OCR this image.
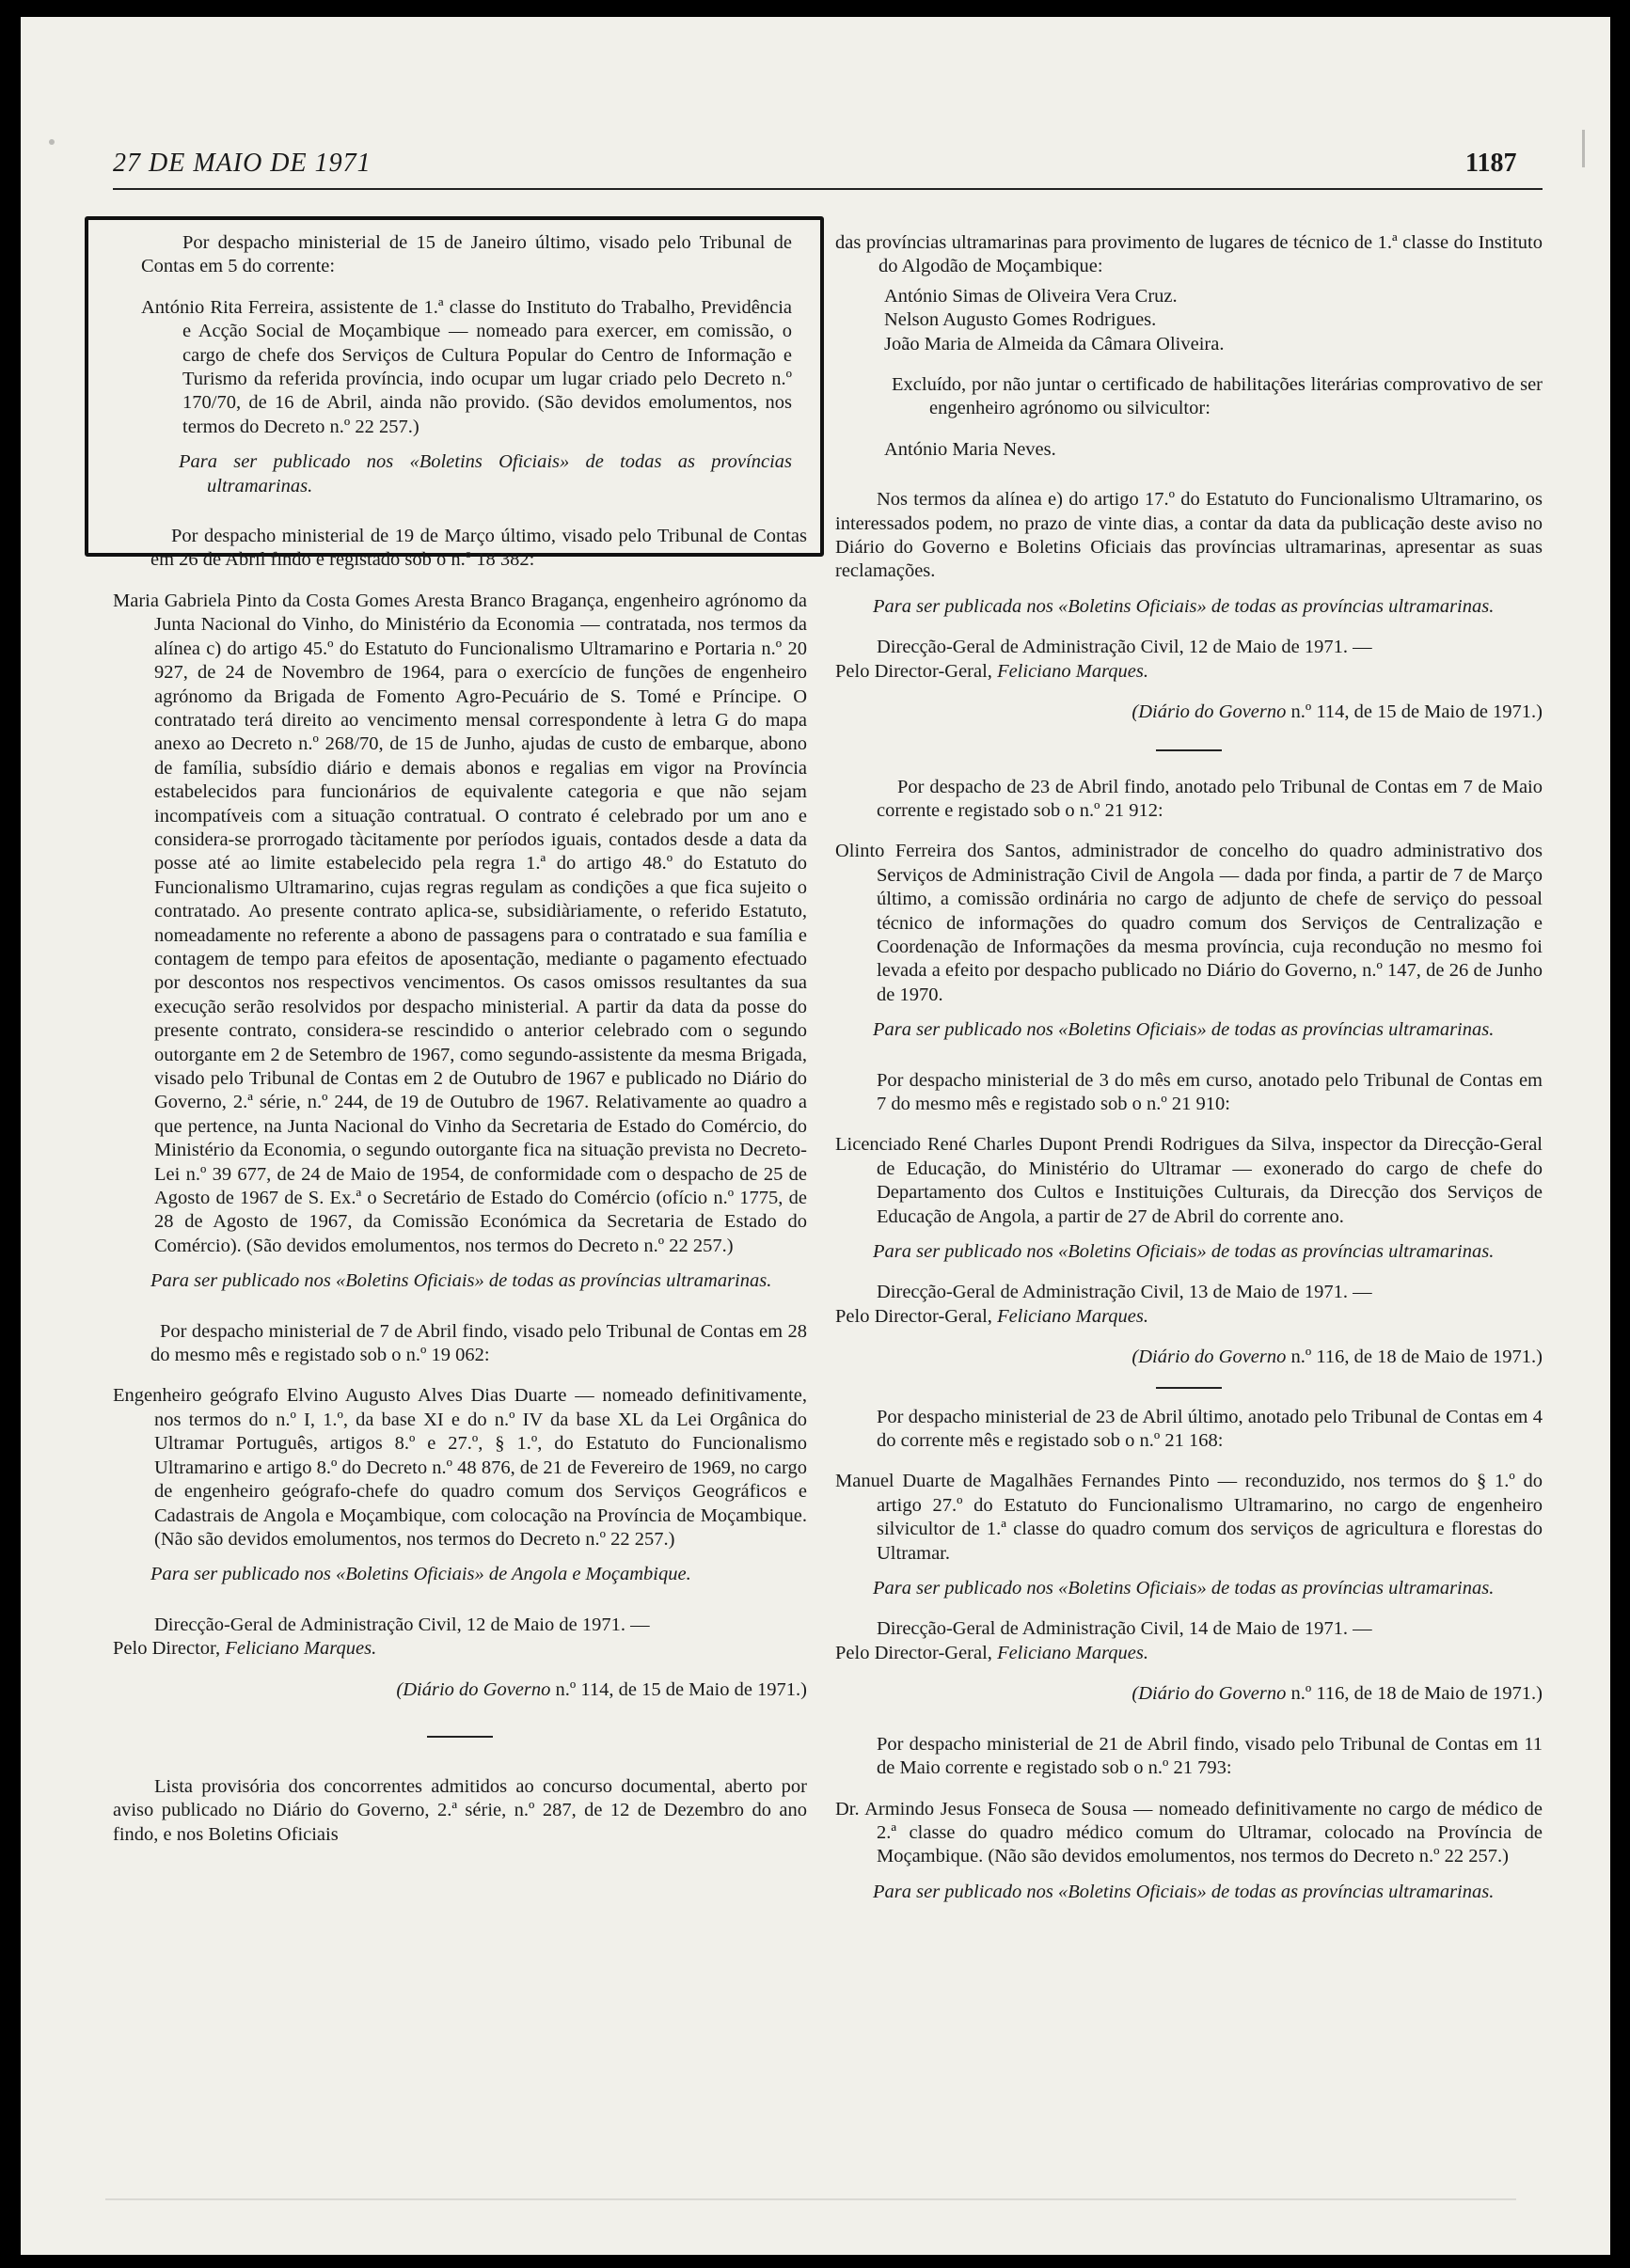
27 DE MAIO DE 1971	1187

Por despacho ministerial de 15 de Janeiro último, visado pelo Tribunal de Contas em 5 do corrente:

António Rita Ferreira, assistente de 1.ª classe do Instituto do Trabalho, Previdência e Acção Social de Moçambique — nomeado para exercer, em comissão, o cargo de chefe dos Serviços de Cultura Popular do Centro de Informação e Turismo da referida província, indo ocupar um lugar criado pelo Decreto n.º 170/70, de 16 de Abril, ainda não provido. (São devidos emolumentos, nos termos do Decreto n.º 22 257.)

Para ser publicado nos «Boletins Oficiais» de todas as províncias ultramarinas.

Por despacho ministerial de 19 de Março último, visado pelo Tribunal de Contas em 26 de Abril findo e registado sob o n.º 18 382:

Maria Gabriela Pinto da Costa Gomes Aresta Branco Bragança, engenheiro agrónomo da Junta Nacional do Vinho, do Ministério da Economia — contratada, nos termos da alínea c) do artigo 45.º do Estatuto do Funcionalismo Ultramarino e Portaria n.º 20 927, de 24 de Novembro de 1964, para o exercício de funções de engenheiro agrónomo da Brigada de Fomento Agro-Pecuário de S. Tomé e Príncipe. O contratado terá direito ao vencimento mensal correspondente à letra G do mapa anexo ao Decreto n.º 268/70, de 15 de Junho, ajudas de custo de embarque, abono de família, subsídio diário e demais abonos e regalias em vigor na Província estabelecidos para funcionários de equivalente categoria e que não sejam incompatíveis com a situação contratual. O contrato é celebrado por um ano e considera-se prorrogado tàcitamente por períodos iguais, contados desde a data da posse até ao limite estabelecido pela regra 1.ª do artigo 48.º do Estatuto do Funcionalismo Ultramarino, cujas regras regulam as condições a que fica sujeito o contratado. Ao presente contrato aplica-se, subsidiàriamente, o referido Estatuto, nomeadamente no referente a abono de passagens para o contratado e sua família e contagem de tempo para efeitos de aposentação, mediante o pagamento efectuado por descontos nos respectivos vencimentos. Os casos omissos resultantes da sua execução serão resolvidos por despacho ministerial. A partir da data da posse do presente contrato, considera-se rescindido o anterior celebrado com o segundo outorgante em 2 de Setembro de 1967, como segundo-assistente da mesma Brigada, visado pelo Tribunal de Contas em 2 de Outubro de 1967 e publicado no Diário do Governo, 2.ª série, n.º 244, de 19 de Outubro de 1967. Relativamente ao quadro a que pertence, na Junta Nacional do Vinho da Secretaria de Estado do Comércio, do Ministério da Economia, o segundo outorgante fica na situação prevista no Decreto-Lei n.º 39 677, de 24 de Maio de 1954, de conformidade com o despacho de 25 de Agosto de 1967 de S. Ex.ª o Secretário de Estado do Comércio (ofício n.º 1775, de 28 de Agosto de 1967, da Comissão Económica da Secretaria de Estado do Comércio). (São devidos emolumentos, nos termos do Decreto n.º 22 257.)

Para ser publicado nos «Boletins Oficiais» de todas as províncias ultramarinas.

Por despacho ministerial de 7 de Abril findo, visado pelo Tribunal de Contas em 28 do mesmo mês e registado sob o n.º 19 062:

Engenheiro geógrafo Elvino Augusto Alves Dias Duarte — nomeado definitivamente, nos termos do n.º I, 1.º, da base XI e do n.º IV da base XL da Lei Orgânica do Ultramar Português, artigos 8.º e 27.º, § 1.º, do Estatuto do Funcionalismo Ultramarino e artigo 8.º do Decreto n.º 48 876, de 21 de Fevereiro de 1969, no cargo de engenheiro geógrafo-chefe do quadro comum dos Serviços Geográficos e Cadastrais de Angola e Moçambique, com colocação na Província de Moçambique. (Não são devidos emolumentos, nos termos do Decreto n.º 22 257.)

Para ser publicado nos «Boletins Oficiais» de Angola e Moçambique.

Direcção-Geral de Administração Civil, 12 de Maio de 1971. —

Pelo Director, Feliciano Marques.

(Diário do Governo n.º 114, de 15 de Maio de 1971.)

Lista provisória dos concorrentes admitidos ao concurso documental, aberto por aviso publicado no Diário do Governo, 2.ª série, n.º 287, de 12 de Dezembro do ano findo, e nos Boletins Oficiais

das províncias ultramarinas para provimento de lugares de técnico de 1.ª classe do Instituto do Algodão de Moçambique:

António Simas de Oliveira Vera Cruz.

Nelson Augusto Gomes Rodrigues.

João Maria de Almeida da Câmara Oliveira.

Excluído, por não juntar o certificado de habilitações literárias comprovativo de ser engenheiro agrónomo ou silvicultor:

António Maria Neves.

Nos termos da alínea e) do artigo 17.º do Estatuto do Funcionalismo Ultramarino, os interessados podem, no prazo de vinte dias, a contar da data da publicação deste aviso no Diário do Governo e Boletins Oficiais das províncias ultramarinas, apresentar as suas reclamações.

Para ser publicada nos «Boletins Oficiais» de todas as províncias ultramarinas.

Direcção-Geral de Administração Civil, 12 de Maio de 1971. —

Pelo Director-Geral, Feliciano Marques.

(Diário do Governo n.º 114, de 15 de Maio de 1971.)

Por despacho de 23 de Abril findo, anotado pelo Tribunal de Contas em 7 de Maio corrente e registado sob o n.º 21 912:

Olinto Ferreira dos Santos, administrador de concelho do quadro administrativo dos Serviços de Administração Civil de Angola — dada por finda, a partir de 7 de Março último, a comissão ordinária no cargo de adjunto de chefe de serviço do pessoal técnico de informações do quadro comum dos Serviços de Centralização e Coordenação de Informações da mesma província, cuja recondução no mesmo foi levada a efeito por despacho publicado no Diário do Governo, n.º 147, de 26 de Junho de 1970.

Para ser publicado nos «Boletins Oficiais» de todas as províncias ultramarinas.

Por despacho ministerial de 3 do mês em curso, anotado pelo Tribunal de Contas em 7 do mesmo mês e registado sob o n.º 21 910:

Licenciado René Charles Dupont Prendi Rodrigues da Silva, inspector da Direcção-Geral de Educação, do Ministério do Ultramar — exonerado do cargo de chefe do Departamento dos Cultos e Instituições Culturais, da Direcção dos Serviços de Educação de Angola, a partir de 27 de Abril do corrente ano.

Para ser publicado nos «Boletins Oficiais» de todas as províncias ultramarinas.

Direcção-Geral de Administração Civil, 13 de Maio de 1971. —

Pelo Director-Geral, Feliciano Marques.

(Diário do Governo n.º 116, de 18 de Maio de 1971.)

Por despacho ministerial de 23 de Abril último, anotado pelo Tribunal de Contas em 4 do corrente mês e registado sob o n.º 21 168:

Manuel Duarte de Magalhães Fernandes Pinto — reconduzido, nos termos do § 1.º do artigo 27.º do Estatuto do Funcionalismo Ultramarino, no cargo de engenheiro silvicultor de 1.ª classe do quadro comum dos serviços de agricultura e florestas do Ultramar.

Para ser publicado nos «Boletins Oficiais» de todas as províncias ultramarinas.

Direcção-Geral de Administração Civil, 14 de Maio de 1971. —

Pelo Director-Geral, Feliciano Marques.

(Diário do Governo n.º 116, de 18 de Maio de 1971.)

Por despacho ministerial de 21 de Abril findo, visado pelo Tribunal de Contas em 11 de Maio corrente e registado sob o n.º 21 793:

Dr. Armindo Jesus Fonseca de Sousa — nomeado definitivamente no cargo de médico de 2.ª classe do quadro médico comum do Ultramar, colocado na Província de Moçambique. (Não são devidos emolumentos, nos termos do Decreto n.º 22 257.)

Para ser publicado nos «Boletins Oficiais» de todas as províncias ultramarinas.
